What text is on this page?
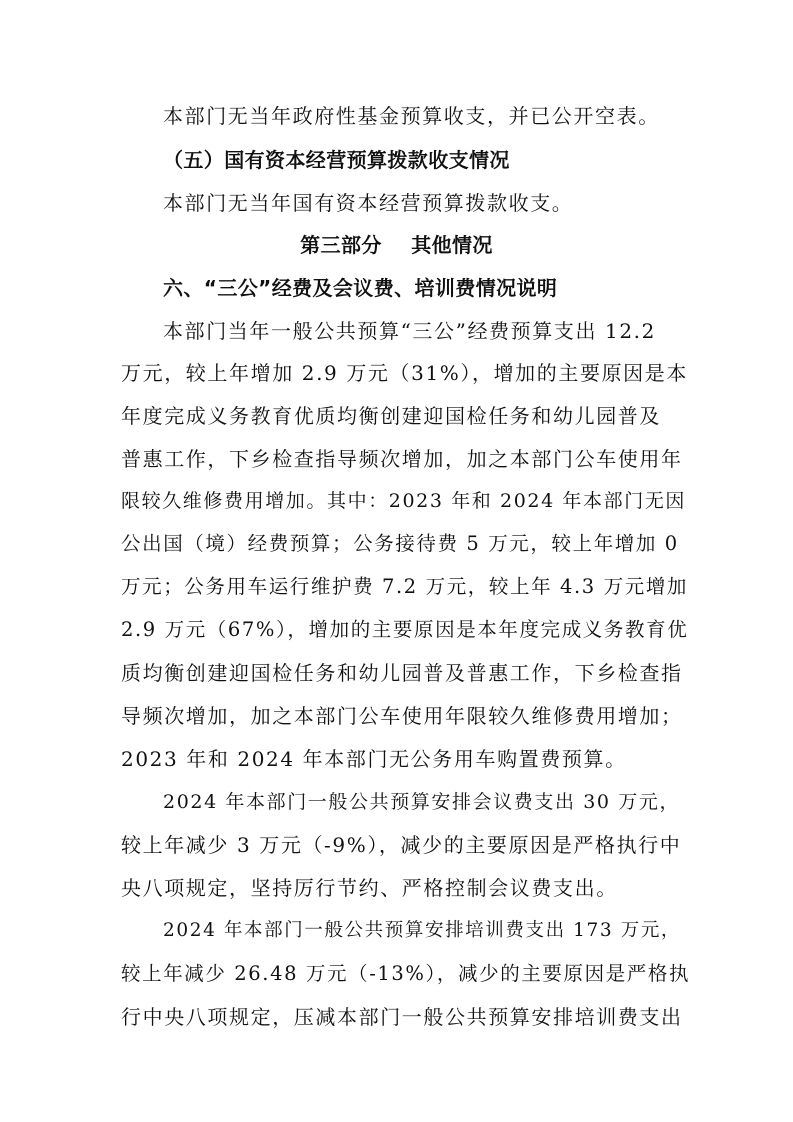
本部门无当年政府性基金预算收支，并已公开空表。
（五）国有资本经营预算拨款收支情况
本部门无当年国有资本经营预算拨款收支。
第三部分    其他情况
六、“三公”经费及会议费、培训费情况说明
本部门当年一般公共预算“三公”经费预算支出 12.2
万元，较上年增加 2.9 万元（31%），增加的主要原因是本
年度完成义务教育优质均衡创建迎国检任务和幼儿园普及
普惠工作，下乡检查指导频次增加，加之本部门公车使用年
限较久维修费用增加。其中：2023 年和 2024 年本部门无因
公出国（境）经费预算；公务接待费 5 万元，较上年增加 0
万元；公务用车运行维护费 7.2 万元，较上年 4.3 万元增加
2.9 万元（67%），增加的主要原因是本年度完成义务教育优
质均衡创建迎国检任务和幼儿园普及普惠工作，下乡检查指
导频次增加，加之本部门公车使用年限较久维修费用增加；
2023 年和 2024 年本部门无公务用车购置费预算。
2024 年本部门一般公共预算安排会议费支出 30 万元，
较上年减少 3 万元（-9%），减少的主要原因是严格执行中
央八项规定，坚持厉行节约、严格控制会议费支出。
2024 年本部门一般公共预算安排培训费支出 173 万元，
较上年减少 26.48 万元（-13%），减少的主要原因是严格执
行中央八项规定，压减本部门一般公共预算安排培训费支出
